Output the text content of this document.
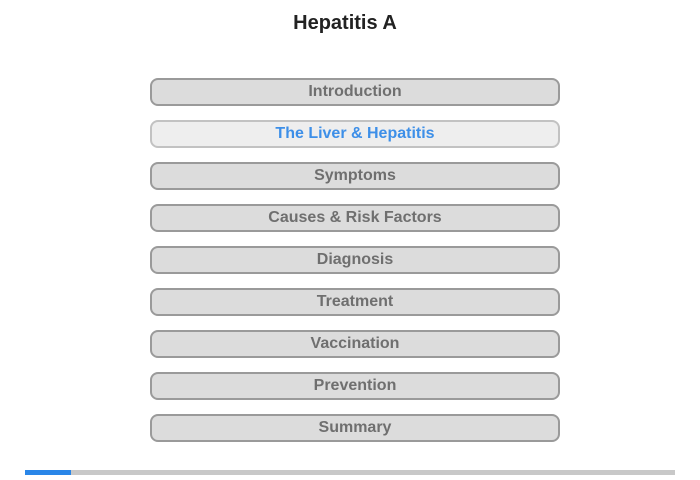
Hepatitis A
Introduction
The Liver & Hepatitis
Symptoms
Causes & Risk Factors
Diagnosis
Treatment
Vaccination
Prevention
Summary
